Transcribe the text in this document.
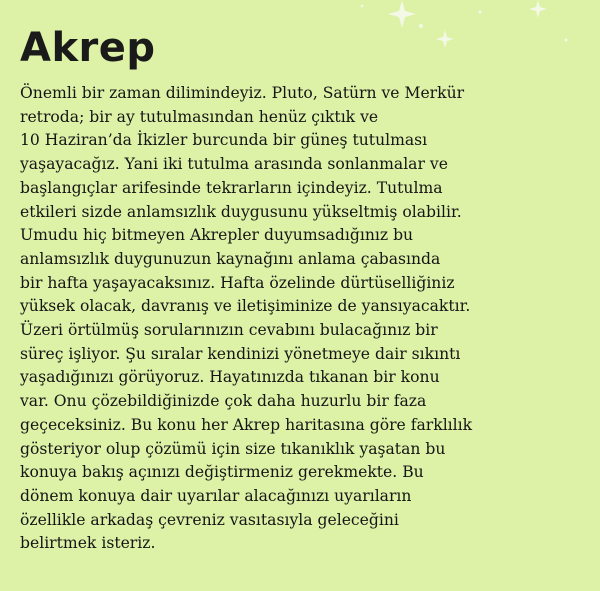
Akrep
Önemli bir zaman dilimindeyiz. Pluto, Satürn ve Merkür
retroda; bir ay tutulmasından henüz çıktık ve
10 Haziran’da İkizler burcunda bir güneş tutulması
yaşayacağız. Yani iki tutulma arasında sonlanmalar ve
başlangıçlar arifesinde tekrarların içindeyiz. Tutulma
etkileri sizde anlamsızlık duygusunu yükseltmiş olabilir.
Umudu hiç bitmeyen Akrepler duyumsadığınız bu
anlamsızlık duygunuzun kaynağını anlama çabasında
bir hafta yaşayacaksınız. Hafta özelinde dürtüselliğiniz
yüksek olacak, davranış ve iletişiminize de yansıyacaktır.
Üzeri örtülmüş sorularınızın cevabını bulacağınız bir
süreç işliyor. Şu sıralar kendinizi yönetmeye dair sıkıntı
yaşadığınızı görüyoruz. Hayatınızda tıkanan bir konu
var. Onu çözebildiğinizde çok daha huzurlu bir faza
geçeceksiniz. Bu konu her Akrep haritasına göre farklılık
gösteriyor olup çözümü için size tıkanıklık yaşatan bu
konuya bakış açınızı değiştirmeniz gerekmekte. Bu
dönem konuya dair uyarılar alacağınızı uyarıların
özellikle arkadaş çevreniz vasıtasıyla geleceğini
belirtmek isteriz.
